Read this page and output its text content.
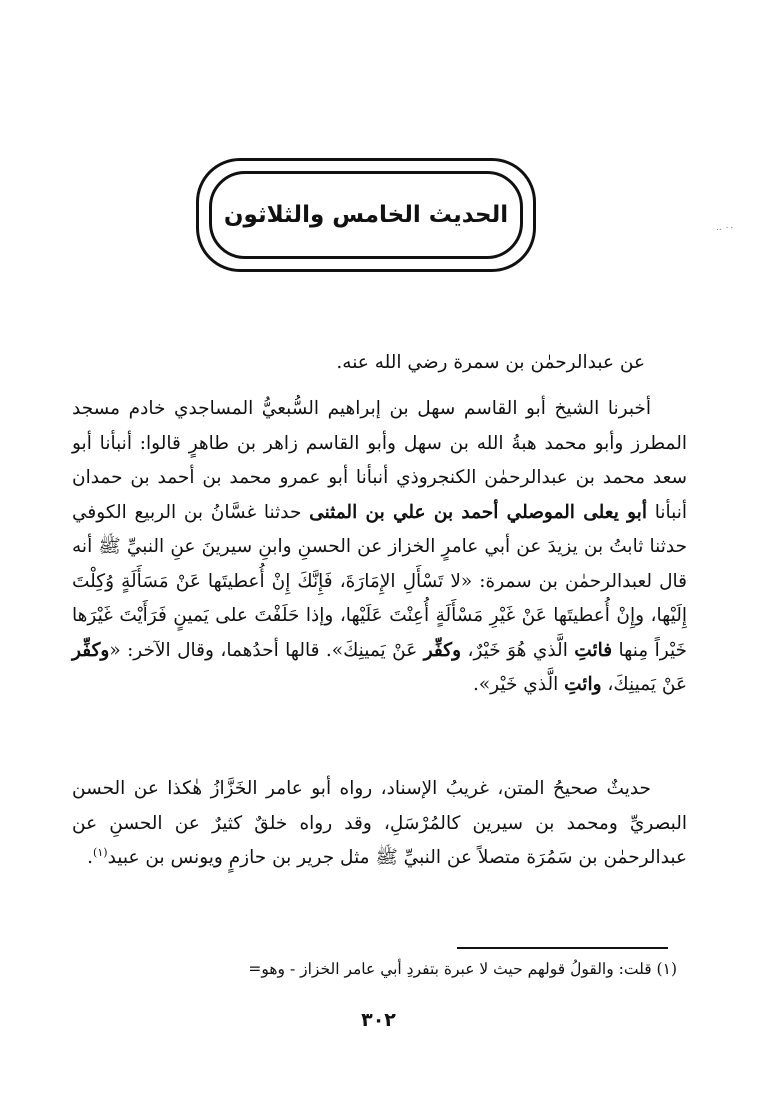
الحديث الخامس والثلاثون	٠٠ ..
عن عبدالرحمٰن بن سمرة رضي الله عنه.

أخبرنا الشيخ أبو القاسم سهل بن إبراهيم السُّبعيُّ المساجدي خادم مسجد المطرز وأبو محمد هبةُ الله بن سهل وأبو القاسم زاهر بن طاهرٍ قالوا: أنبأنا أبو سعد محمد بن عبدالرحمٰن الكنجروذي أنبأنا أبو عمرو محمد بن أحمد بن حمدان أنبأنا أبو يعلى الموصلي أحمد بن علي بن المثنى حدثنا غسَّانُ بن الربيع الكوفي حدثنا ثابتُ بن يزيدَ عن أبي عامرٍ الخزاز عن الحسنِ وابنِ سيرينَ عنِ النبيِّ ﷺ أنه قال لعبدالرحمٰن بن سمرة: «لا تَسْأَلِ الإِمَارَةَ، فَإِنَّكَ إِنْ أُعطيتَها عَنْ مَسَأَلَةٍ وُكِلْتَ إِلَيْها، وإِنْ أُعطيتَها عَنْ غَيْرِ مَسْأَلَةٍ أُعِنْتَ عَلَيْها، وإذا حَلَفْتَ على يَمينٍ فَرَأَيْتَ غَيْرَها خَيْراً مِنها فائتِ الَّذي هُوَ خَيْرٌ، وكفِّر عَنْ يَمينِكَ». قالها أحدُهما، وقال الآخر: «وكفِّر عَنْ يَمينِكَ، وائتِ الَّذي خَيْر».

حديثٌ صحيحُ المتن، غريبُ الإسناد، رواه أبو عامر الخَزَّازُ هٰكذا عن الحسن البصريِّ ومحمد بن سيرين كالمُرْسَلِ، وقد رواه خلقٌ كثيرٌ عن الحسنِ عن عبدالرحمٰن بن سَمُرَة متصلاً عن النبيِّ ﷺ مثل جرير بن حازمٍ ويونس بن عبيد$^{(١)}$.

(١) قلت: والقولُ قولهم حيث لا عبرة بتفردِ أبي عامر الخزاز - وهو=
٣٠٢
